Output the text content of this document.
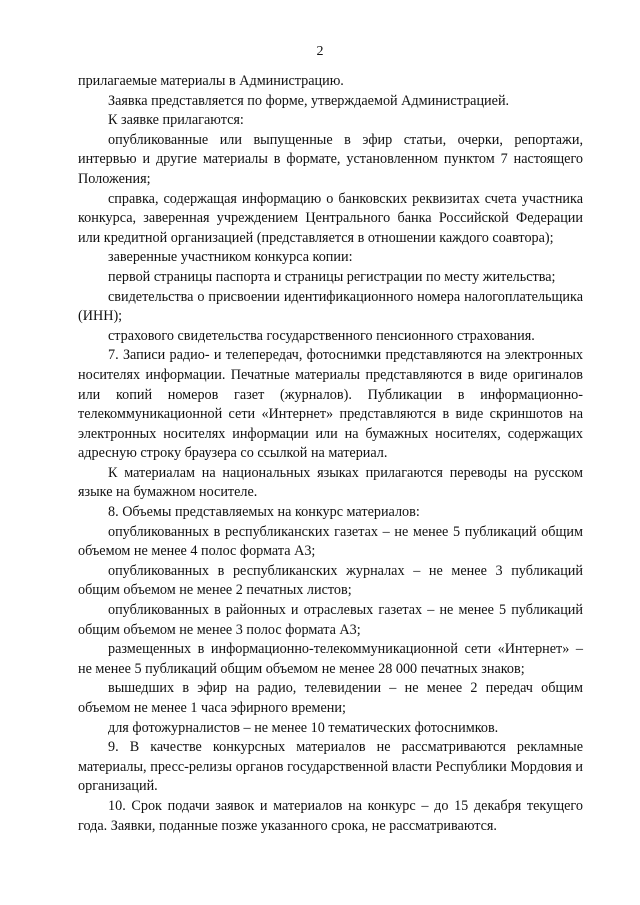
2

прилагаемые материалы в Администрацию.

Заявка представляется по форме, утверждаемой Администрацией.

К заявке прилагаются:

опубликованные или выпущенные в эфир статьи, очерки, репортажи, интервью и другие материалы в формате, установленном пунктом 7 настоящего Положения;

справка, содержащая информацию о банковских реквизитах счета участника конкурса, заверенная учреждением Центрального банка Российской Федерации или кредитной организацией (представляется в отношении каждого соавтора);

заверенные участником конкурса копии:

первой страницы паспорта и страницы регистрации по месту жительства;

свидетельства о присвоении идентификационного номера налогоплательщика (ИНН);

страхового свидетельства государственного пенсионного страхования.

7. Записи радио- и телепередач, фотоснимки представляются на электронных носителях информации. Печатные материалы представляются в виде оригиналов или копий номеров газет (журналов). Публикации в информационно-телекоммуникационной сети «Интернет» представляются в виде скриншотов на электронных носителях информации или на бумажных носителях, содержащих адресную строку браузера со ссылкой на материал.

К материалам на национальных языках прилагаются переводы на русском языке на бумажном носителе.

8. Объемы представляемых на конкурс материалов:

опубликованных в республиканских газетах – не менее 5 публикаций общим объемом не менее 4 полос формата А3;

опубликованных в республиканских журналах – не менее 3 публикаций общим объемом не менее 2 печатных листов;

опубликованных в районных и отраслевых газетах – не менее 5 публикаций общим объемом не менее 3 полос формата А3;

размещенных в информационно-телекоммуникационной сети «Интернет» – не менее 5 публикаций общим объемом не менее 28 000 печатных знаков;

вышедших в эфир на радио, телевидении – не менее 2 передач общим объемом не менее 1 часа эфирного времени;

для фотожурналистов – не менее 10 тематических фотоснимков.

9. В качестве конкурсных материалов не рассматриваются рекламные материалы, пресс-релизы органов государственной власти Республики Мордовия и организаций.

10. Срок подачи заявок и материалов на конкурс – до 15 декабря текущего года. Заявки, поданные позже указанного срока, не рассматриваются.
